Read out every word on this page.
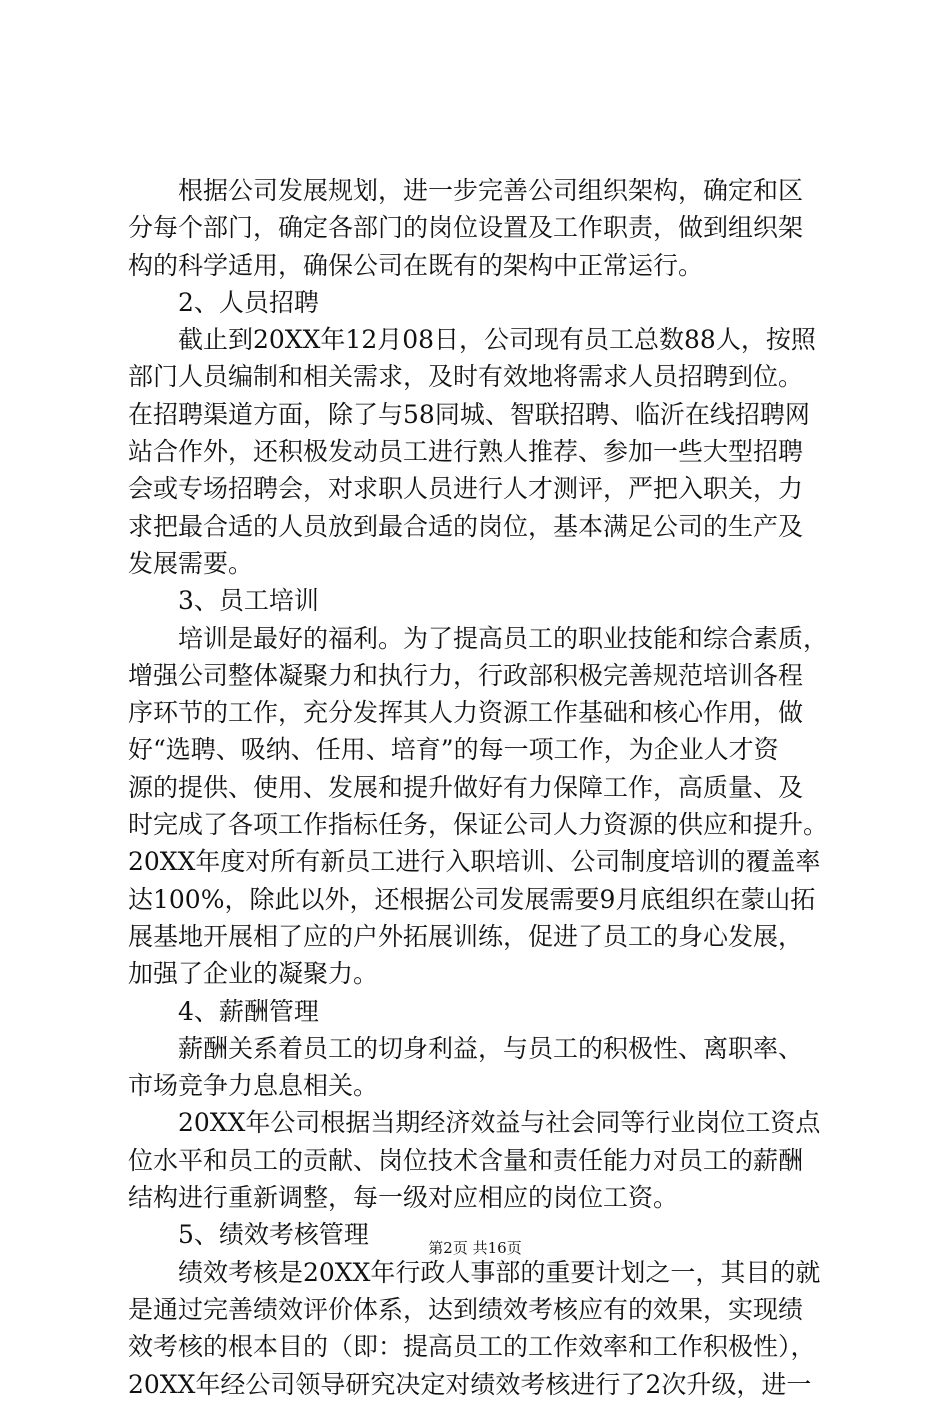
根据公司发展规划，进一步完善公司组织架构，确定和区
分每个部门，确定各部门的岗位设置及工作职责，做到组织架
构的科学适用，确保公司在既有的架构中正常运行。
2、人员招聘
截止到20XX年12月08日，公司现有员工总数88人，按照
部门人员编制和相关需求，及时有效地将需求人员招聘到位。
在招聘渠道方面，除了与58同城、智联招聘、临沂在线招聘网
站合作外，还积极发动员工进行熟人推荐、参加一些大型招聘
会或专场招聘会，对求职人员进行人才测评，严把入职关，力
求把最合适的人员放到最合适的岗位，基本满足公司的生产及
发展需要。
3、员工培训
培训是最好的福利。为了提高员工的职业技能和综合素质，
增强公司整体凝聚力和执行力，行政部积极完善规范培训各程
序环节的工作，充分发挥其人力资源工作基础和核心作用，做
好“选聘、吸纳、任用、培育”的每一项工作，为企业人才资
源的提供、使用、发展和提升做好有力保障工作，高质量、及
时完成了各项工作指标任务，保证公司人力资源的供应和提升。
20XX年度对所有新员工进行入职培训、公司制度培训的覆盖率
达100%，除此以外，还根据公司发展需要9月底组织在蒙山拓
展基地开展相了应的户外拓展训练，促进了员工的身心发展，
加强了企业的凝聚力。
4、薪酬管理
薪酬关系着员工的切身利益，与员工的积极性、离职率、
市场竞争力息息相关。
20XX年公司根据当期经济效益与社会同等行业岗位工资点
位水平和员工的贡献、岗位技术含量和责任能力对员工的薪酬
结构进行重新调整，每一级对应相应的岗位工资。
5、绩效考核管理
绩效考核是20XX年行政人事部的重要计划之一，其目的就
是通过完善绩效评价体系，达到绩效考核应有的效果，实现绩
效考核的根本目的（即：提高员工的工作效率和工作积极性），
20XX年经公司领导研究决定对绩效考核进行了2次升级，进一
第2页 共16页
